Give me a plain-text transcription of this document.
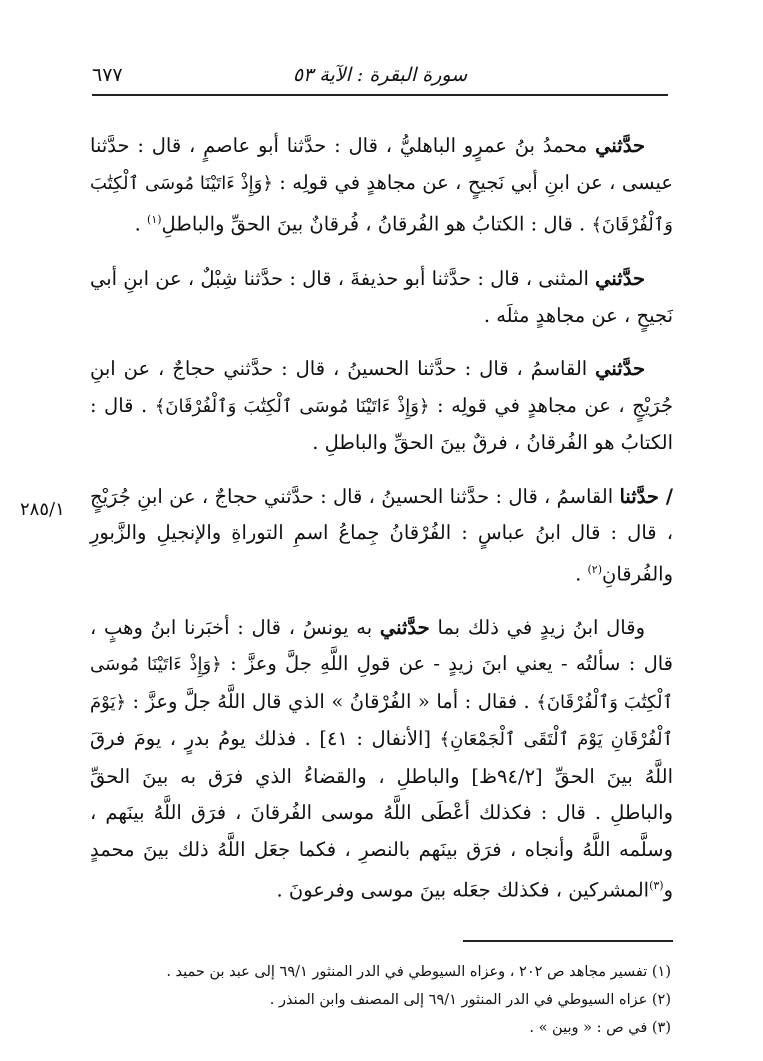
سورة البقرة : الآية ٥٣
٦٧٧
٢٨٥/١

حدَّثني محمدُ بنُ عمرٍو الباهليُّ ، قال : حدَّثنا أبو عاصمٍ ، قال : حدَّثنا عيسى ، عن ابنِ أبي نَجيحٍ ، عن مجاهدٍ في قولِه : ﴿وَإِذْ ءَاتَيْنَا مُوسَى ٱلْكِتَٰبَ وَٱلْفُرْقَانَ﴾ . قال : الكتابُ هو الفُرقانُ ، فُرقانٌ بينَ الحقِّ والباطلِ$^{(١)}$ .

حدَّثني المثنى ، قال : حدَّثنا أبو حذيفةَ ، قال : حدَّثنا شِبْلٌ ، عن ابنِ أبي نَجيحٍ ، عن مجاهدٍ مثلَه .

حدَّثني القاسمُ ، قال : حدَّثنا الحسينُ ، قال : حدَّثني حجاجٌ ، عن ابنِ جُرَيْجٍ ، عن مجاهدٍ في قولِه : ﴿وَإِذْ ءَاتَيْنَا مُوسَى ٱلْكِتَٰبَ وَٱلْفُرْقَانَ﴾ . قال : الكتابُ هو الفُرقانُ ، فرقٌ بينَ الحقِّ والباطلِ .

/ حدَّثنا القاسمُ ، قال : حدَّثنا الحسينُ ، قال : حدَّثني حجاجٌ ، عن ابنِ جُرَيْجٍ ، قال : قال ابنُ عباسٍ : الفُرْقانُ جِماعُ اسمِ التوراةِ والإنجيلِ والزَّبورِ والفُرقانِ$^{(٢)}$ .

وقال ابنُ زيدٍ في ذلك بما حدَّثني به يونسُ ، قال : أخبَرنا ابنُ وهبٍ ، قال : سألتُه - يعني ابنَ زيدٍ - عن قولِ اللَّهِ جلَّ وعزَّ : ﴿وَإِذْ ءَاتَيْنَا مُوسَى ٱلْكِتَٰبَ وَٱلْفُرْقَانَ﴾ . فقال : أما « الفُرْقانُ » الذي قال اللَّهُ جلَّ وعزَّ : ﴿يَوْمَ ٱلْفُرْقَانِ يَوْمَ ٱلْتَقَى ٱلْجَمْعَانِ﴾ [الأنفال : ٤١] . فذلك يومُ بدرٍ ، يومَ فرقَ اللَّهُ بينَ الحقِّ [٩٤/٢ظ] والباطلِ ، والقضاءُ الذي فرَق به بينَ الحقِّ والباطلِ . قال : فكذلك أعْطَى اللَّهُ موسى الفُرقانَ ، فرَق اللَّهُ بينَهم ، وسلَّمه اللَّهُ وأنجاه ، فرَق بينَهم بالنصرِ ، فكما جعَل اللَّهُ ذلك بينَ محمدٍ و$^{(٣)}$المشركين ، فكذلك جعَله بينَ موسى وفرعونَ .

(١) تفسير مجاهد ص ٢٠٢ ، وعزاه السيوطي في الدر المنثور ٦٩/١ إلى عبد بن حميد .

(٢) عزاه السيوطي في الدر المنثور ٦٩/١ إلى المصنف وابن المنذر .

(٣) في ص : « وبين » .
